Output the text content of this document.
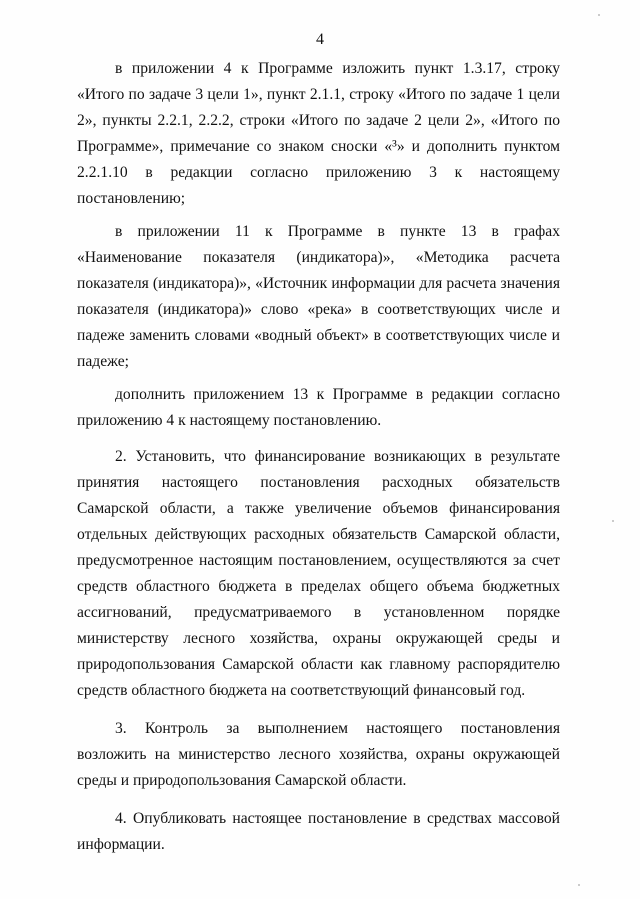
4

в приложении 4 к Программе изложить пункт 1.3.17, строку «Итого по задаче 3 цели 1», пункт 2.1.1, строку «Итого по задаче 1 цели 2», пункты 2.2.1, 2.2.2, строки «Итого по задаче 2 цели 2», «Итого по Программе», примечание со знаком сноски «³» и дополнить пунктом 2.2.1.10 в редакции согласно приложению 3 к настоящему постановлению;

в приложении 11 к Программе в пункте 13 в графах «Наименование показателя (индикатора)», «Методика расчета показателя (индикатора)», «Источник информации для расчета значения показателя (индикатора)» слово «река» в соответствующих числе и падеже заменить словами «водный объект» в соответствующих числе и падеже;

дополнить приложением 13 к Программе в редакции согласно приложению 4 к настоящему постановлению.

2. Установить, что финансирование возникающих в результате принятия настоящего постановления расходных обязательств Самарской области, а также увеличение объемов финансирования отдельных действующих расходных обязательств Самарской области, предусмотренное настоящим постановлением, осуществляются за счет средств областного бюджета в пределах общего объема бюджетных ассигнований, предусматриваемого в установленном порядке министерству лесного хозяйства, охраны окружающей среды и природопользования Самарской области как главному распорядителю средств областного бюджета на соответствующий финансовый год.

3. Контроль за выполнением настоящего постановления возложить на министерство лесного хозяйства, охраны окружающей среды и природопользования Самарской области.

4. Опубликовать настоящее постановление в средствах массовой информации.
